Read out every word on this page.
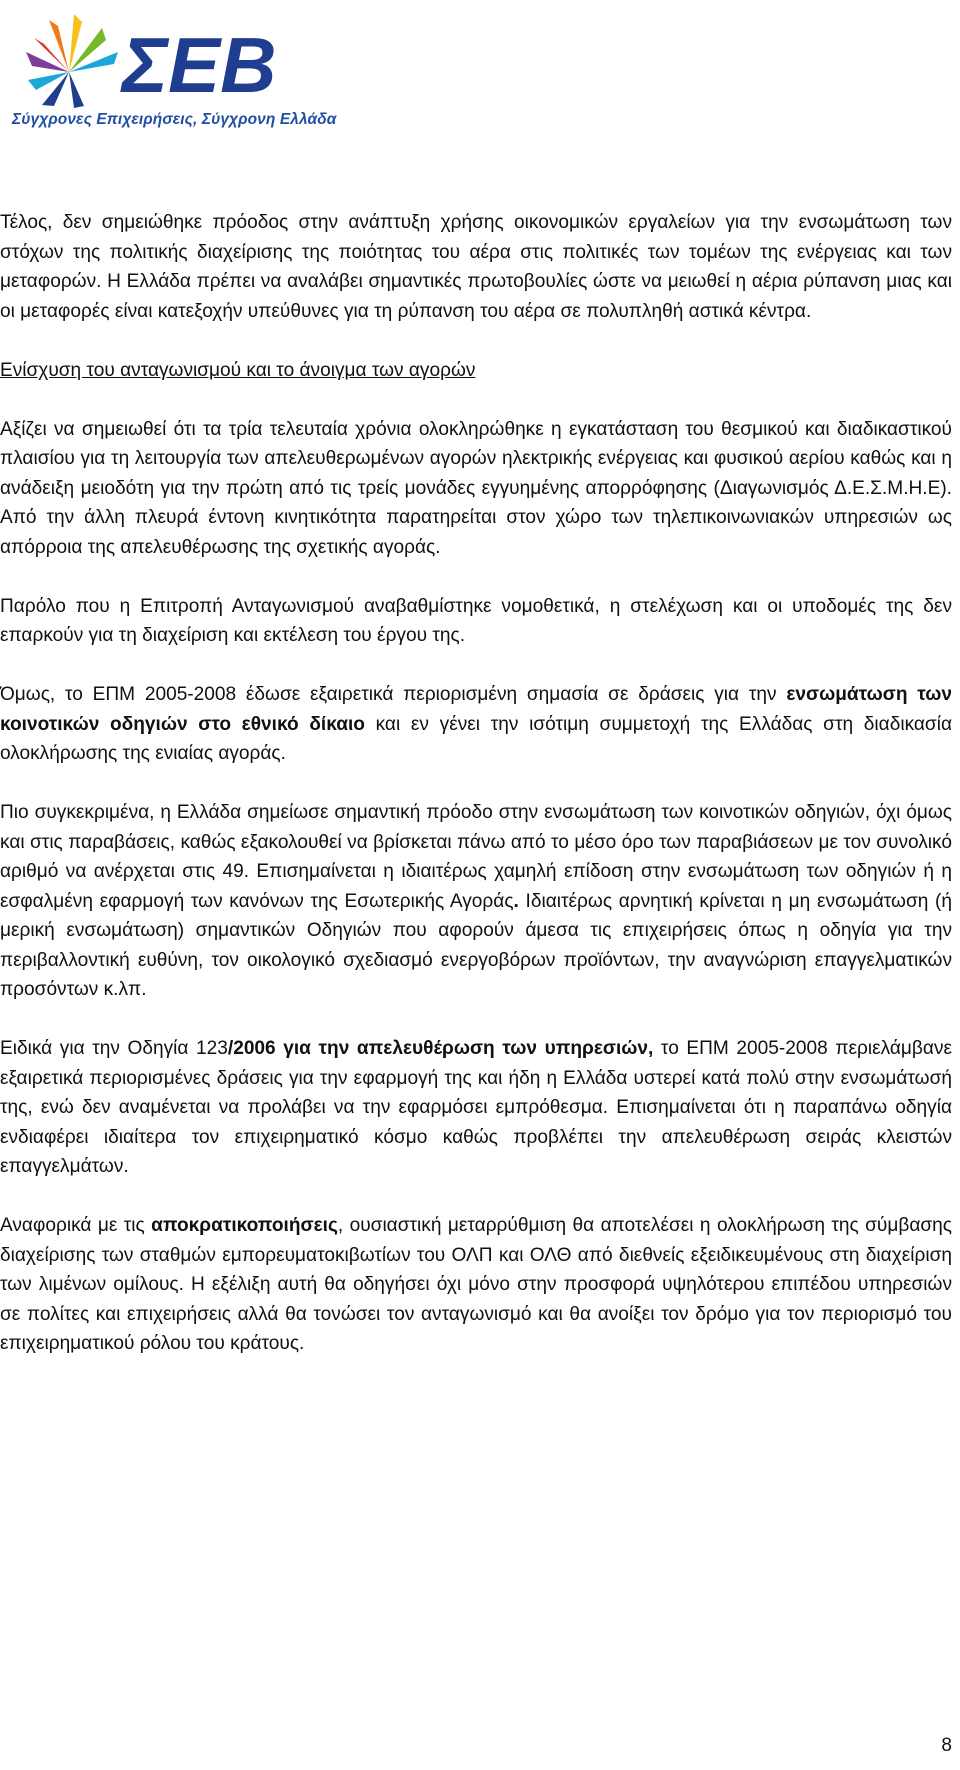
ΣΕΒ
Σύγχρονες Επιχειρήσεις, Σύγχρονη Ελλάδα

Τέλος, δεν σημειώθηκε πρόοδος στην ανάπτυξη χρήσης οικονομικών εργαλείων για την ενσωμάτωση των στόχων της πολιτικής διαχείρισης της ποιότητας του αέρα στις πολιτικές των τομέων της ενέργειας και των μεταφορών. Η Ελλάδα πρέπει να αναλάβει σημαντικές πρωτοβουλίες ώστε να μειωθεί η αέρια ρύπανση μιας και οι μεταφορές είναι κατεξοχήν υπεύθυνες για τη ρύπανση του αέρα σε πολυπληθή αστικά κέντρα.

Ενίσχυση του ανταγωνισμού και το άνοιγμα των αγορών

Αξίζει να σημειωθεί ότι τα τρία τελευταία χρόνια ολοκληρώθηκε η εγκατάσταση του θεσμικού και διαδικαστικού πλαισίου για τη λειτουργία των απελευθερωμένων αγορών ηλεκτρικής ενέργειας και φυσικού αερίου καθώς και η ανάδειξη μειοδότη για την πρώτη από τις τρείς μονάδες εγγυημένης απορρόφησης (Διαγωνισμός Δ.Ε.Σ.Μ.Η.Ε). Από την άλλη πλευρά έντονη κινητικότητα παρατηρείται στον χώρο των τηλεπικοινωνιακών υπηρεσιών ως απόρροια της απελευθέρωσης της σχετικής αγοράς.

Παρόλο που η Επιτροπή Ανταγωνισμού αναβαθμίστηκε νομοθετικά, η στελέχωση και οι υποδομές της δεν επαρκούν για τη διαχείριση και εκτέλεση του έργου της.

Όμως, το ΕΠΜ 2005-2008 έδωσε εξαιρετικά περιορισμένη σημασία σε δράσεις για την ενσωμάτωση των κοινοτικών οδηγιών στο εθνικό δίκαιο και εν γένει την ισότιμη συμμετοχή της Ελλάδας στη διαδικασία ολοκλήρωσης της ενιαίας αγοράς.

Πιο συγκεκριμένα, η Ελλάδα σημείωσε σημαντική πρόοδο στην ενσωμάτωση των κοινοτικών οδηγιών, όχι όμως και στις παραβάσεις, καθώς εξακολουθεί να βρίσκεται πάνω από το μέσο όρο των παραβιάσεων με τον συνολικό αριθμό να ανέρχεται στις 49. Επισημαίνεται η ιδιαιτέρως χαμηλή επίδοση στην ενσωμάτωση των οδηγιών ή η εσφαλμένη εφαρμογή των κανόνων της Εσωτερικής Αγοράς. Ιδιαιτέρως αρνητική κρίνεται η μη ενσωμάτωση (ή μερική ενσωμάτωση) σημαντικών Οδηγιών που αφορούν άμεσα τις επιχειρήσεις όπως η οδηγία για την περιβαλλοντική ευθύνη, τον οικολογικό σχεδιασμό ενεργοβόρων προϊόντων, την αναγνώριση επαγγελματικών προσόντων κ.λπ.

Ειδικά για την Οδηγία 123/2006 για την απελευθέρωση των υπηρεσιών, το ΕΠΜ 2005-2008 περιελάμβανε εξαιρετικά περιορισμένες δράσεις για την εφαρμογή της και ήδη η Ελλάδα υστερεί κατά πολύ στην ενσωμάτωσή της, ενώ δεν αναμένεται να προλάβει να την εφαρμόσει εμπρόθεσμα. Επισημαίνεται ότι η παραπάνω οδηγία ενδιαφέρει ιδιαίτερα τον επιχειρηματικό κόσμο καθώς προβλέπει την απελευθέρωση σειράς κλειστών επαγγελμάτων.

Αναφορικά με τις αποκρατικοποιήσεις, ουσιαστική μεταρρύθμιση θα αποτελέσει η ολοκλήρωση της σύμβασης διαχείρισης των σταθμών εμπορευματοκιβωτίων του ΟΛΠ και ΟΛΘ από διεθνείς εξειδικευμένους στη διαχείριση των λιμένων ομίλους. Η εξέλιξη αυτή θα οδηγήσει όχι μόνο στην προσφορά υψηλότερου επιπέδου υπηρεσιών σε πολίτες και επιχειρήσεις αλλά θα τονώσει τον ανταγωνισμό και θα ανοίξει τον δρόμο για τον περιορισμό του επιχειρηματικού ρόλου του κράτους.

8
